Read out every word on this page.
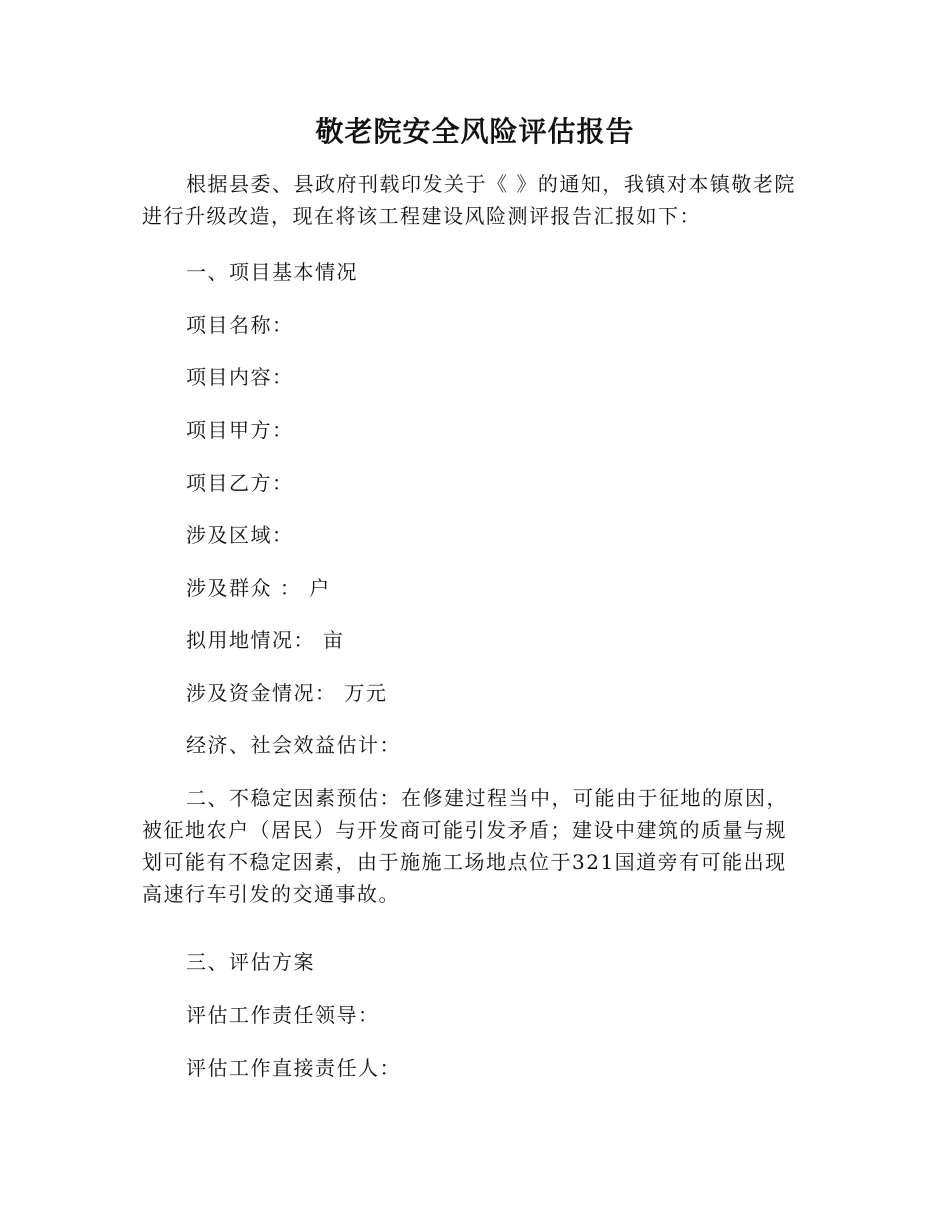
敬老院安全风险评估报告

根据县委、县政府刊载印发关于《 》的通知，我镇对本镇敬老院进行升级改造，现在将该工程建设风险测评报告汇报如下：

一、项目基本情况

项目名称：

项目内容：

项目甲方：

项目乙方：

涉及区域：

涉及群众 ： 户

拟用地情况： 亩

涉及资金情况： 万元

经济、社会效益估计：

二、不稳定因素预估：在修建过程当中，可能由于征地的原因，被征地农户（居民）与开发商可能引发矛盾；建设中建筑的质量与规划可能有不稳定因素，由于施施工场地点位于321国道旁有可能出现高速行车引发的交通事故。

三、评估方案

评估工作责任领导：

评估工作直接责任人：
